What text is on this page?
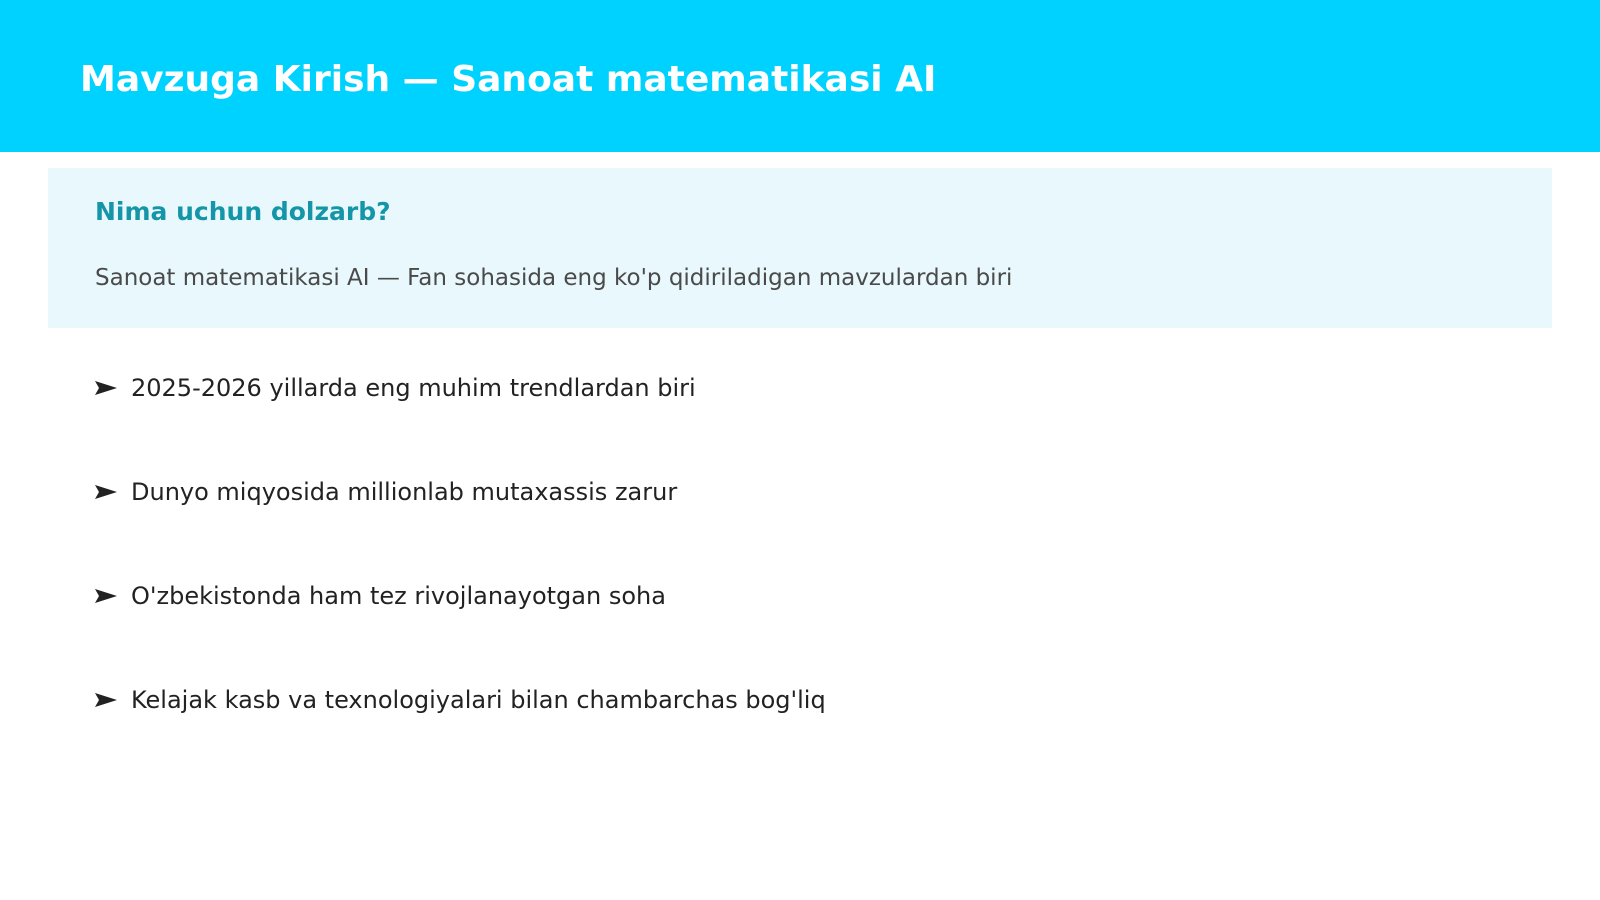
Mavzuga Kirish — Sanoat matematikasi AI
Nima uchun dolzarb?

Sanoat matematikasi AI — Fan sohasida eng ko'p qidiriladigan mavzulardan biri

2025-2026 yillarda eng muhim trendlardan biri
Dunyo miqyosida millionlab mutaxassis zarur
O'zbekistonda ham tez rivojlanayotgan soha
Kelajak kasb va texnologiyalari bilan chambarchas bog'liq
